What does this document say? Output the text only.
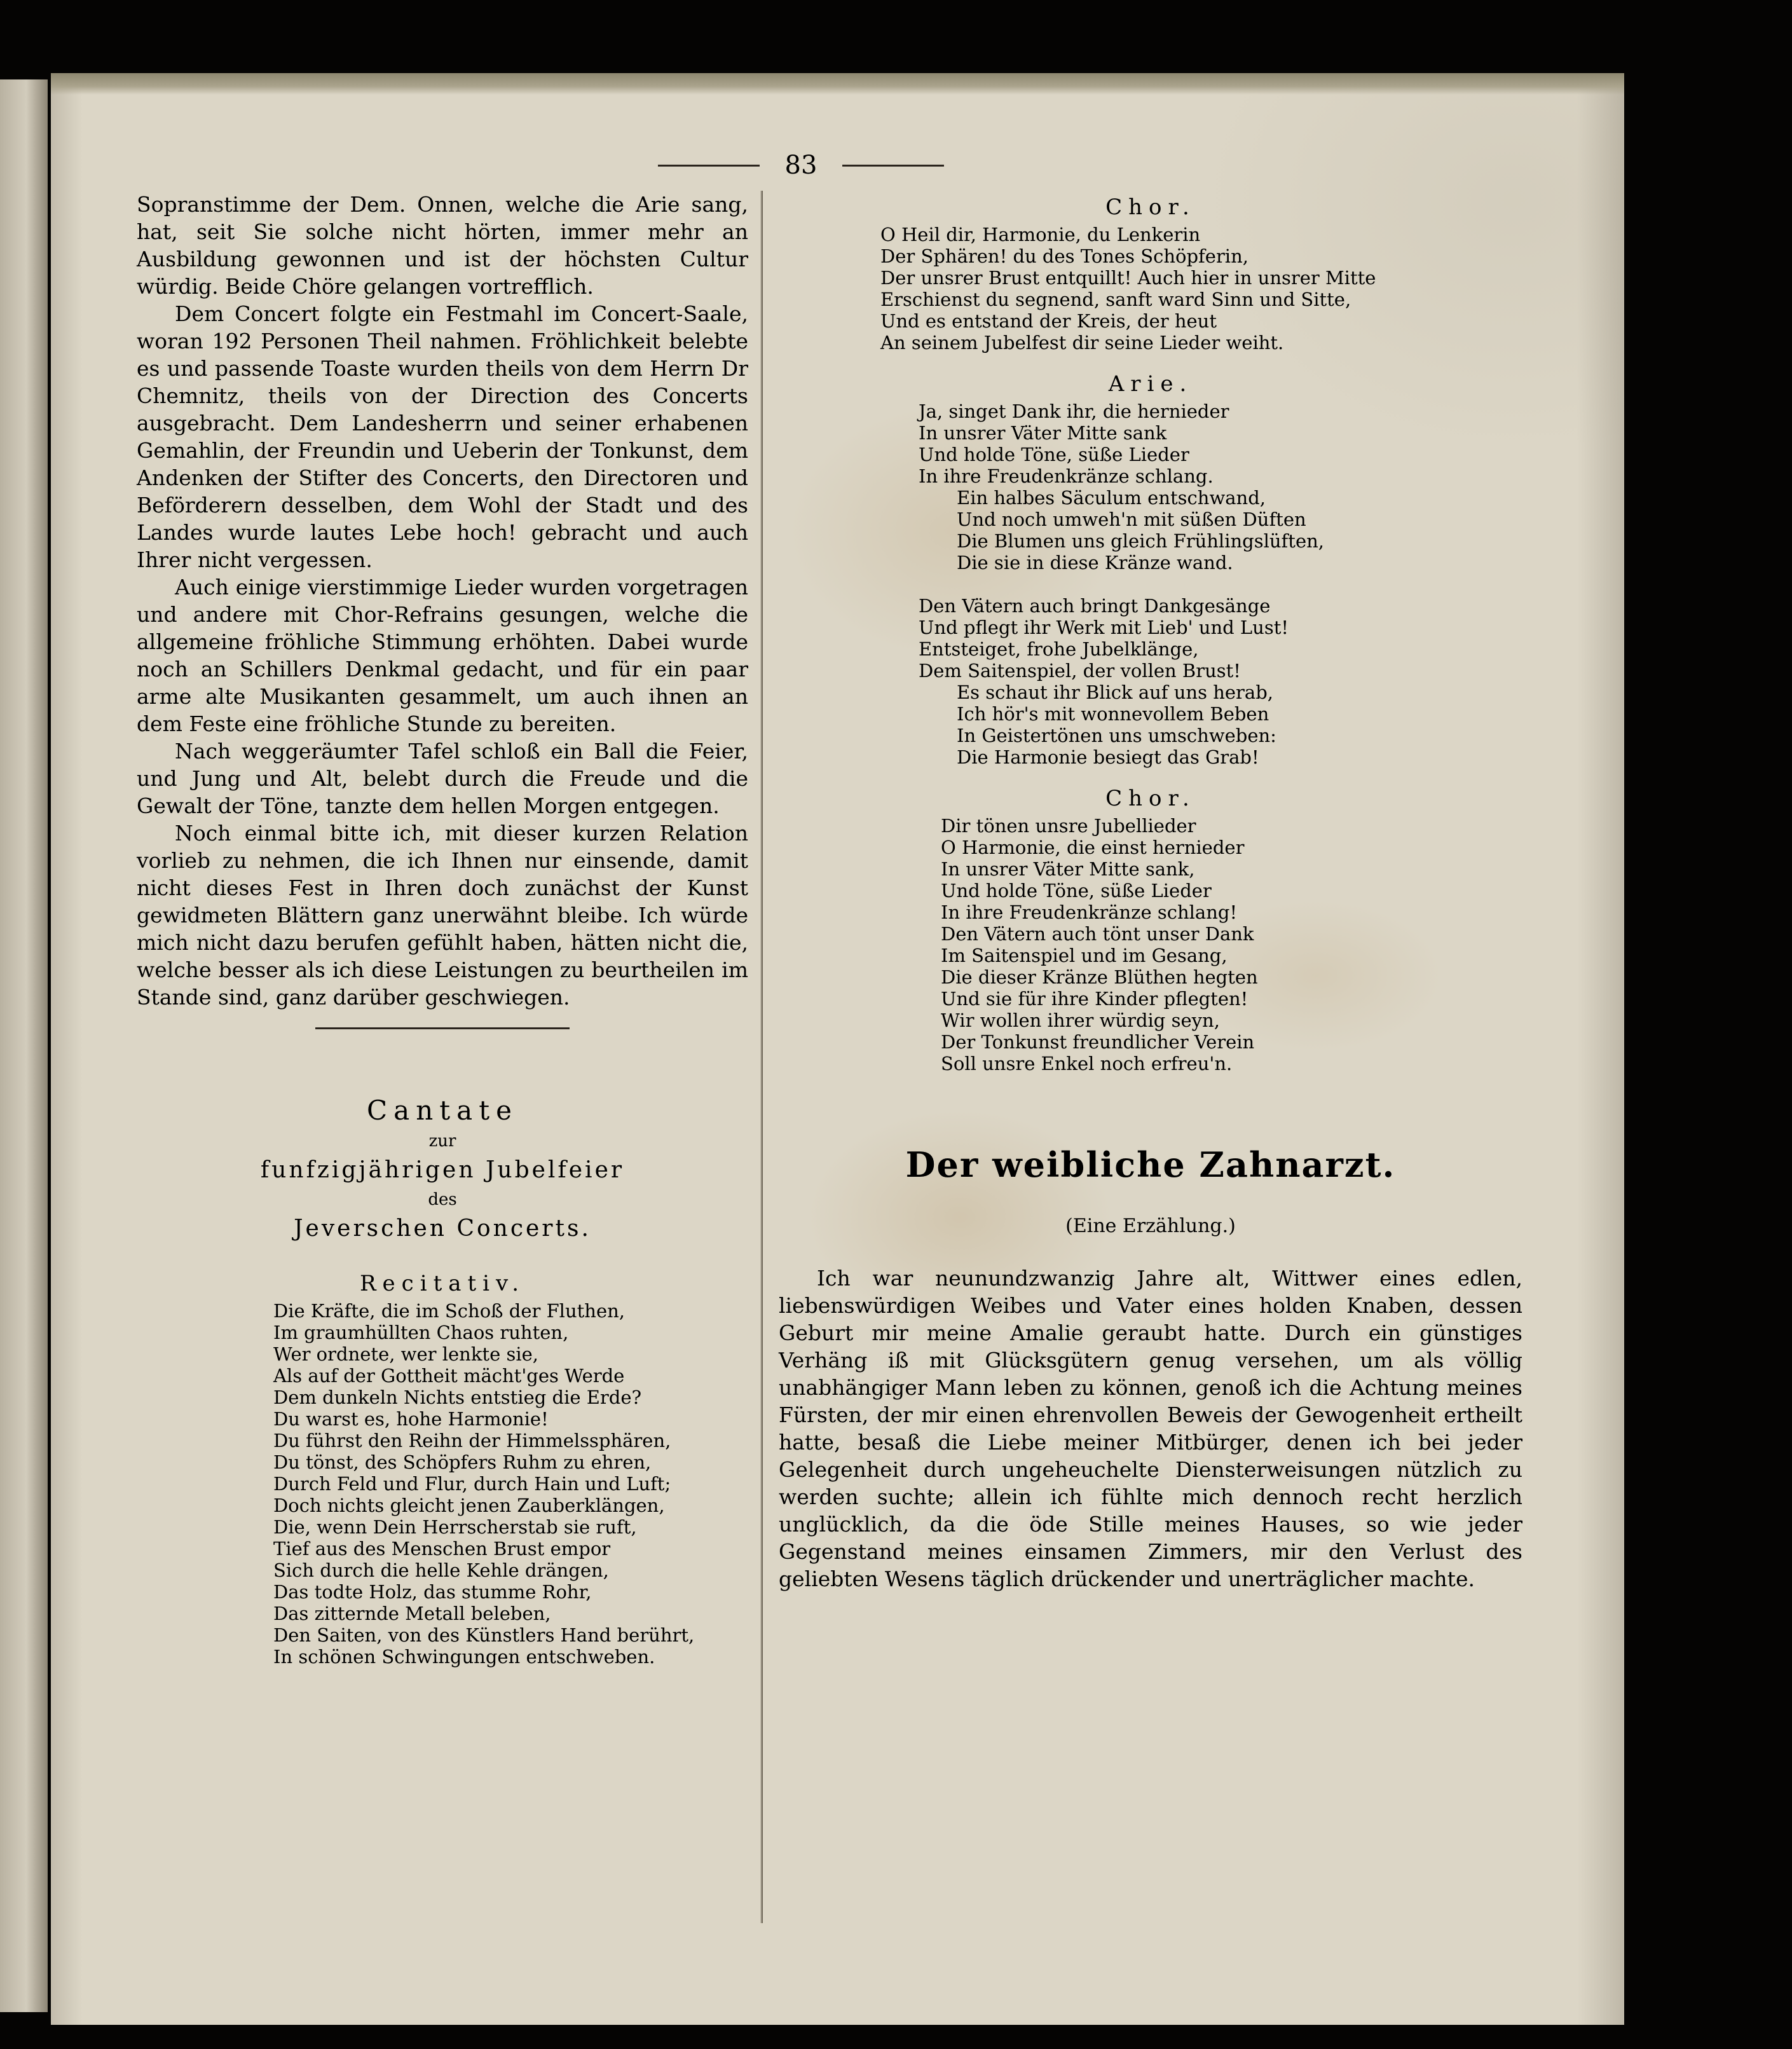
83

Sopranstimme der Dem. Onnen, welche die Arie sang, hat, seit Sie solche nicht hörten, immer mehr an Ausbildung gewonnen und ist der höchsten Cultur würdig. Beide Chöre gelangen vortrefflich.

Dem Concert folgte ein Festmahl im Concert-Saale, woran 192 Personen Theil nahmen. Fröhlichkeit belebte es und passende Toaste wurden theils von dem Herrn Dr Chemnitz, theils von der Direction des Concerts ausgebracht. Dem Landesherrn und seiner erhabenen Gemahlin, der Freundin und Ueberin der Tonkunst, dem Andenken der Stifter des Concerts, den Directoren und Beförderern desselben, dem Wohl der Stadt und des Landes wurde lautes Lebe hoch! gebracht und auch Ihrer nicht vergessen.

Auch einige vierstimmige Lieder wurden vorgetragen und andere mit Chor-Refrains gesungen, welche die allgemeine fröhliche Stimmung erhöhten. Dabei wurde noch an Schillers Denkmal gedacht, und für ein paar arme alte Musikanten gesammelt, um auch ihnen an dem Feste eine fröhliche Stunde zu bereiten.

Nach weggeräumter Tafel schloß ein Ball die Feier, und Jung und Alt, belebt durch die Freude und die Gewalt der Töne, tanzte dem hellen Morgen entgegen.

Noch einmal bitte ich, mit dieser kurzen Relation vorlieb zu nehmen, die ich Ihnen nur einsende, damit nicht dieses Fest in Ihren doch zunächst der Kunst gewidmeten Blättern ganz unerwähnt bleibe. Ich würde mich nicht dazu berufen gefühlt haben, hätten nicht die, welche besser als ich diese Leistungen zu beurtheilen im Stande sind, ganz darüber geschwiegen.

Cantate

zur

funfzigjährigen Jubelfeier

des

Jeverschen Concerts.

Recitativ.

Die Kräfte, die im Schoß der Fluthen,
Im graumhüllten Chaos ruhten,
Wer ordnete, wer lenkte sie,
Als auf der Gottheit mächt'ges Werde
Dem dunkeln Nichts entstieg die Erde?
Du warst es, hohe Harmonie!
Du führst den Reihn der Himmelssphären,
Du tönst, des Schöpfers Ruhm zu ehren,
Durch Feld und Flur, durch Hain und Luft;
Doch nichts gleicht jenen Zauberklängen,
Die, wenn Dein Herrscherstab sie ruft,
Tief aus des Menschen Brust empor
Sich durch die helle Kehle drängen,
Das todte Holz, das stumme Rohr,
Das zitternde Metall beleben,
Den Saiten, von des Künstlers Hand berührt,
In schönen Schwingungen entschweben.

Chor.

O Heil dir, Harmonie, du Lenkerin
Der Sphären! du des Tones Schöpferin,
Der unsrer Brust entquillt! Auch hier in unsrer Mitte
Erschienst du segnend, sanft ward Sinn und Sitte,
Und es entstand der Kreis, der heut
An seinem Jubelfest dir seine Lieder weiht.

Arie.

Ja, singet Dank ihr, die hernieder
In unsrer Väter Mitte sank
Und holde Töne, süße Lieder
In ihre Freudenkränze schlang.
Ein halbes Säculum entschwand,
Und noch umweh'n mit süßen Düften
Die Blumen uns gleich Frühlingslüften,
Die sie in diese Kränze wand.
Den Vätern auch bringt Dankgesänge
Und pflegt ihr Werk mit Lieb' und Lust!
Entsteiget, frohe Jubelklänge,
Dem Saitenspiel, der vollen Brust!
Es schaut ihr Blick auf uns herab,
Ich hör's mit wonnevollem Beben
In Geistertönen uns umschweben:
Die Harmonie besiegt das Grab!

Chor.

Dir tönen unsre Jubellieder
O Harmonie, die einst hernieder
In unsrer Väter Mitte sank,
Und holde Töne, süße Lieder
In ihre Freudenkränze schlang!
Den Vätern auch tönt unser Dank
Im Saitenspiel und im Gesang,
Die dieser Kränze Blüthen hegten
Und sie für ihre Kinder pflegten!
Wir wollen ihrer würdig seyn,
Der Tonkunst freundlicher Verein
Soll unsre Enkel noch erfreu'n.
Der weibliche Zahnarzt.

(Eine Erzählung.)

Ich war neunundzwanzig Jahre alt, Wittwer eines edlen, liebenswürdigen Weibes und Vater eines holden Knaben, dessen Geburt mir meine Amalie geraubt hatte. Durch ein günstiges Verhäng iß mit Glücksgütern genug versehen, um als völlig unabhängiger Mann leben zu können, genoß ich die Achtung meines Fürsten, der mir einen ehrenvollen Beweis der Gewogenheit ertheilt hatte, besaß die Liebe meiner Mitbürger, denen ich bei jeder Gelegenheit durch ungeheuchelte Diensterweisungen nützlich zu werden suchte; allein ich fühlte mich dennoch recht herzlich unglücklich, da die öde Stille meines Hauses, so wie jeder Gegenstand meines einsamen Zimmers, mir den Verlust des geliebten Wesens täglich drückender und unerträglicher machte.
